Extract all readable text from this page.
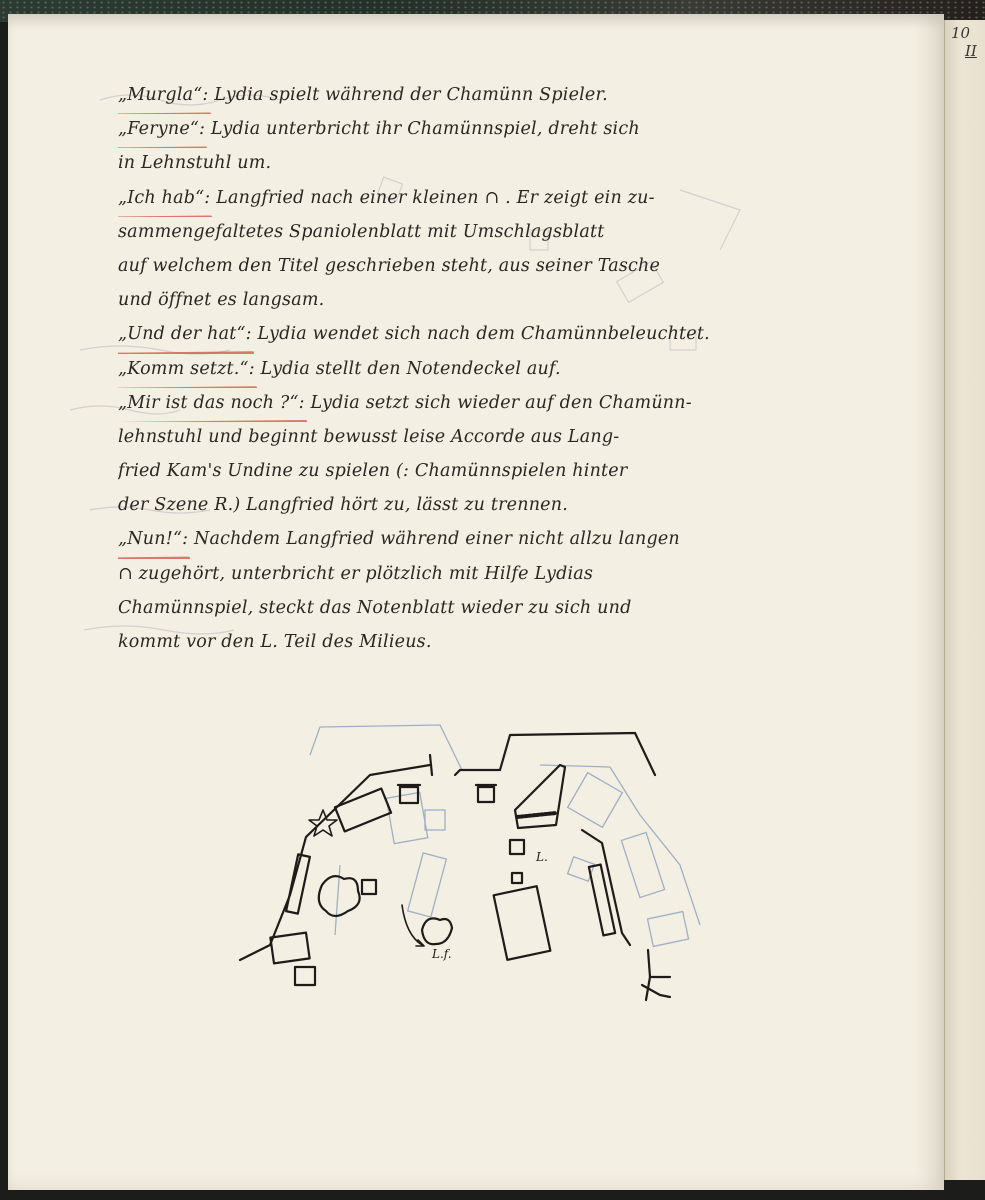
10
II
„Murgla“: Lydia spielt während der Chamünn Spieler.
„Feryne“: Lydia unterbricht ihr Chamünnspiel, dreht sich
in Lehnstuhl um.
„Ich hab“: Langfried nach einer kleinen ∩ . Er zeigt ein zu-
sammengefaltetes Spaniolenblatt mit Umschlagsblatt
auf welchem den Titel geschrieben steht, aus seiner Tasche
und öffnet es langsam.
„Und der hat“: Lydia wendet sich nach dem Chamünnbeleuchtet.
„Komm setzt.“: Lydia stellt den Notendeckel auf.
„Mir ist das noch ?“: Lydia setzt sich wieder auf den Chamünn-
lehnstuhl und beginnt bewusst leise Accorde aus Lang-
fried Kam's Undine zu spielen (: Chamünnspielen hinter
der Szene R.) Langfried hört zu, lässt zu trennen.
„Nun!“: Nachdem Langfried während einer nicht allzu langen
∩ zugehört, unterbricht er plötzlich mit Hilfe Lydias
Chamünnspiel, steckt das Notenblatt wieder zu sich und
kommt vor den L. Teil des Milieus.
L.
L.f.
